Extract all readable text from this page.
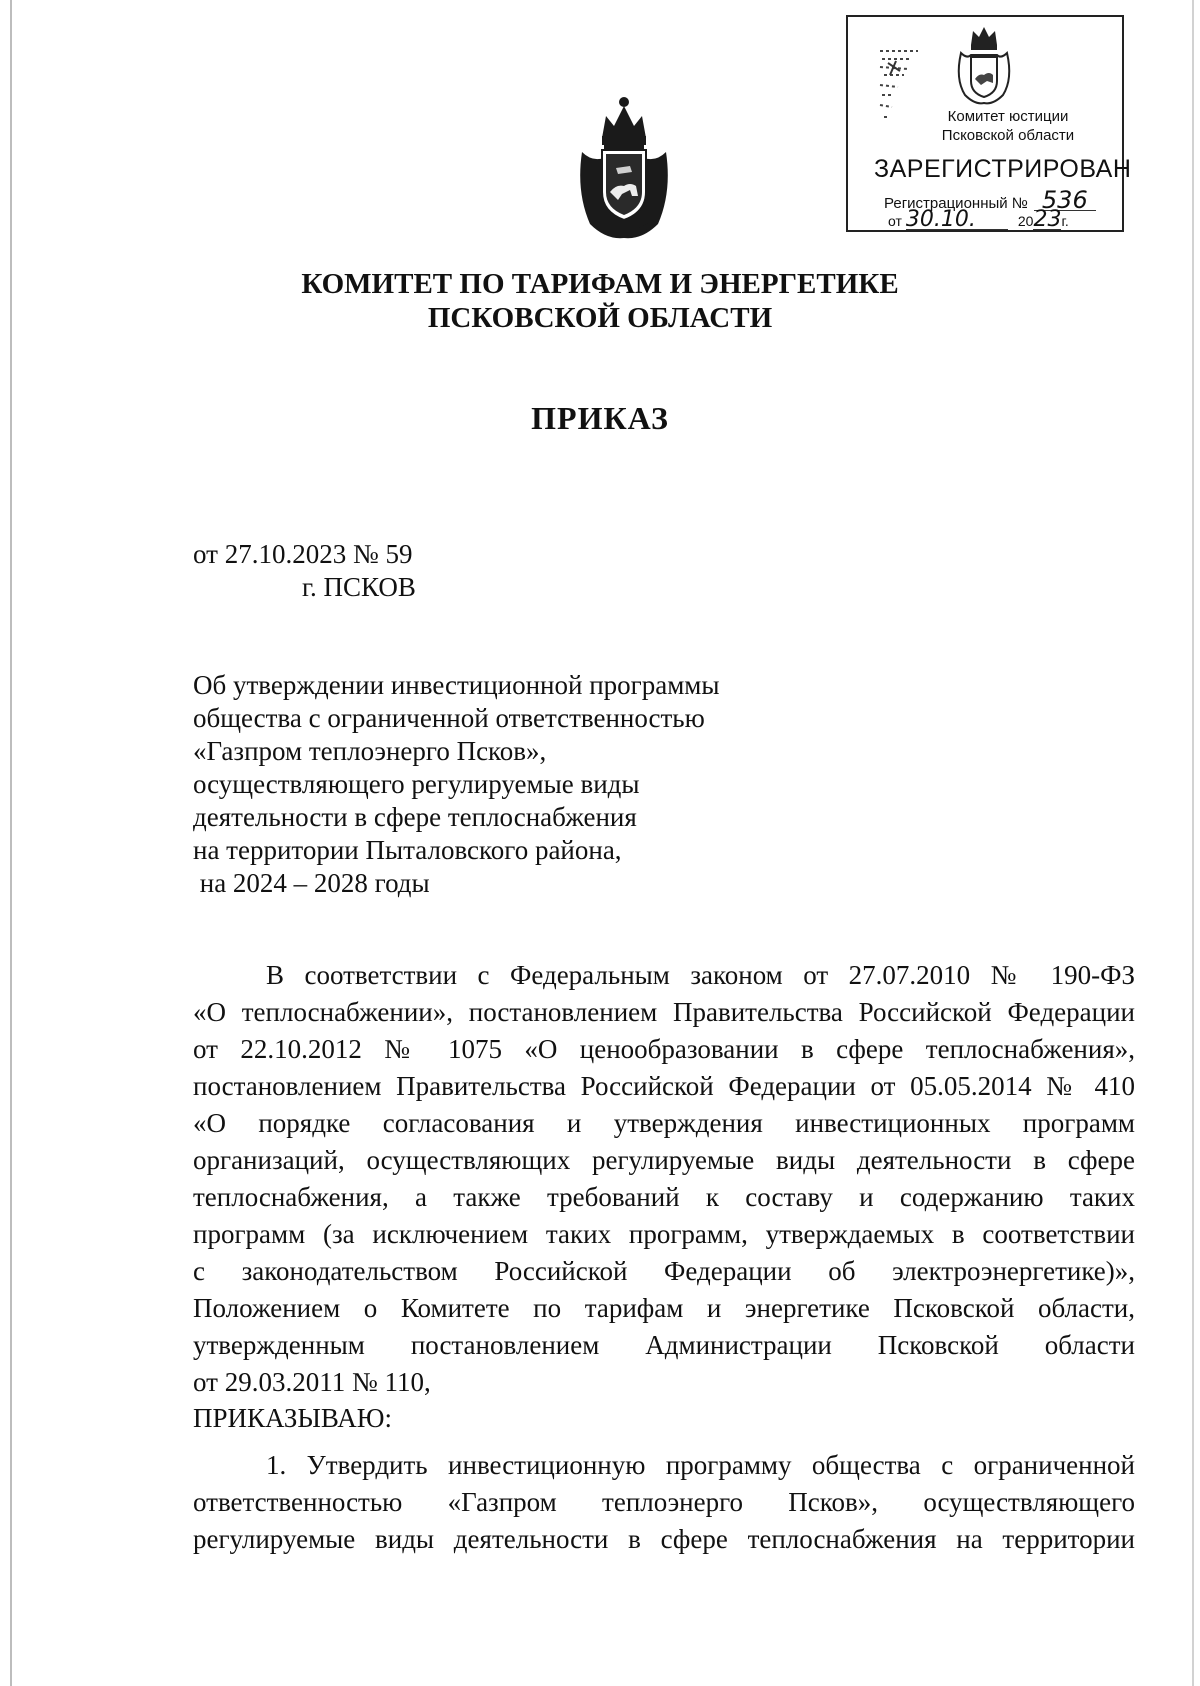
Комитет юстиции
Псковской области
ЗАРЕГИСТРИРОВАН
Регистрационный № 536
от 30.10.	20 23 г.
КОМИТЕТ ПО ТАРИФАМ И ЭНЕРГЕТИКЕ
ПСКОВСКОЙ ОБЛАСТИ
ПРИКАЗ
от 27.10.2023 № 59
г. ПСКОВ
Об утверждении инвестиционной программы
общества с ограниченной ответственностью
«Газпром теплоэнерго Псков»,
осуществляющего регулируемые виды
деятельности в сфере теплоснабжения
на территории Пыталовского района,
на 2024 – 2028 годы
В соответствии с Федеральным законом от 27.07.2010 № 190-ФЗ
«О теплоснабжении», постановлением Правительства Российской Федерации
от 22.10.2012 № 1075 «О ценообразовании в сфере теплоснабжения»,
постановлением Правительства Российской Федерации от 05.05.2014 № 410
«О порядке согласования и утверждения инвестиционных программ
организаций, осуществляющих регулируемые виды деятельности в сфере
теплоснабжения, а также требований к составу и содержанию таких
программ (за исключением таких программ, утверждаемых в соответствии
с законодательством Российской Федерации об электроэнергетике)»,
Положением о Комитете по тарифам и энергетике Псковской области,
утвержденным постановлением Администрации Псковской области
от 29.03.2011 № 110,
ПРИКАЗЫВАЮ:
1. Утвердить инвестиционную программу общества с ограниченной
ответственностью «Газпром теплоэнерго Псков», осуществляющего
регулируемые виды деятельности в сфере теплоснабжения на территории
